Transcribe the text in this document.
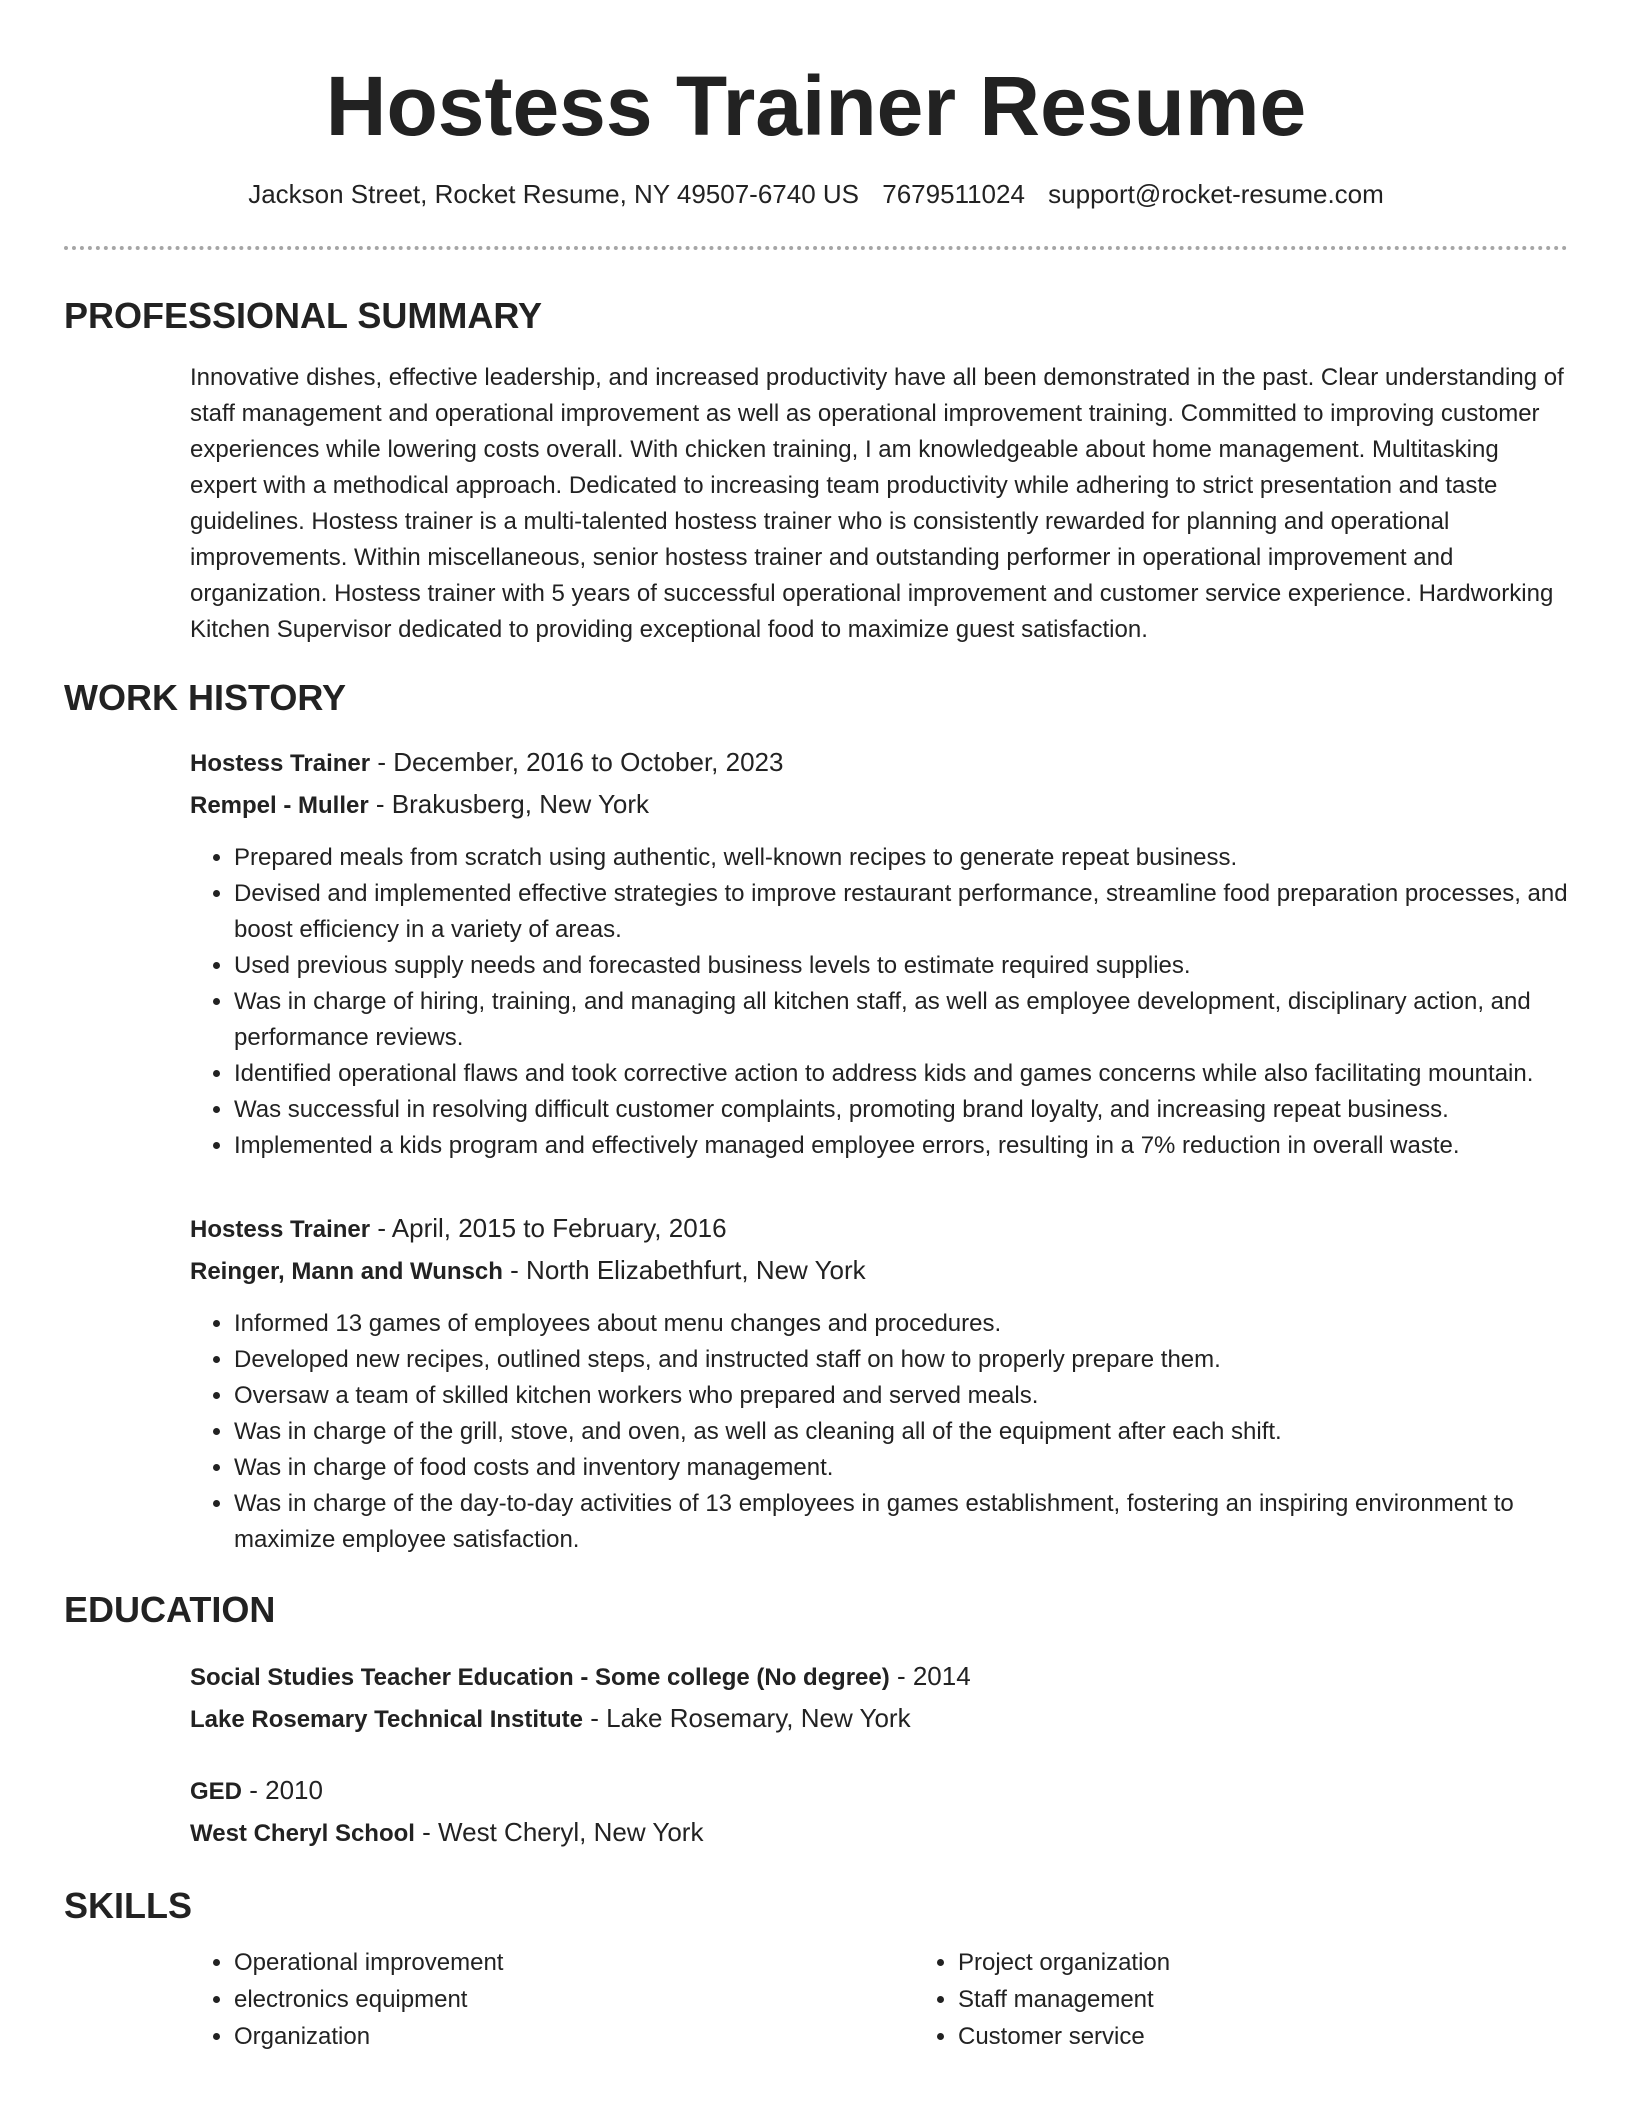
Hostess Trainer Resume
Jackson Street, Rocket Resume, NY 49507-6740 US 7679511024 support@rocket-resume.com
PROFESSIONAL SUMMARY

Innovative dishes, effective leadership, and increased productivity have all been demonstrated in the past. Clear understanding of staff management and operational improvement as well as operational improvement training. Committed to improving customer experiences while lowering costs overall. With chicken training, I am knowledgeable about home management. Multitasking expert with a methodical approach. Dedicated to increasing team productivity while adhering to strict presentation and taste guidelines. Hostess trainer is a multi-talented hostess trainer who is consistently rewarded for planning and operational improvements. Within miscellaneous, senior hostess trainer and outstanding performer in operational improvement and organization. Hostess trainer with 5 years of successful operational improvement and customer service experience. Hardworking Kitchen Supervisor dedicated to providing exceptional food to maximize guest satisfaction.

WORK HISTORY
Hostess Trainer - December, 2016 to October, 2023
Rempel - Muller - Brakusberg, New York
• Prepared meals from scratch using authentic, well-known recipes to generate repeat business.
• Devised and implemented effective strategies to improve restaurant performance, streamline food preparation processes, and boost efficiency in a variety of areas.
• Used previous supply needs and forecasted business levels to estimate required supplies.
• Was in charge of hiring, training, and managing all kitchen staff, as well as employee development, disciplinary action, and performance reviews.
• Identified operational flaws and took corrective action to address kids and games concerns while also facilitating mountain.
• Was successful in resolving difficult customer complaints, promoting brand loyalty, and increasing repeat business.
• Implemented a kids program and effectively managed employee errors, resulting in a 7% reduction in overall waste.
Hostess Trainer - April, 2015 to February, 2016
Reinger, Mann and Wunsch - North Elizabethfurt, New York
• Informed 13 games of employees about menu changes and procedures.
• Developed new recipes, outlined steps, and instructed staff on how to properly prepare them.
• Oversaw a team of skilled kitchen workers who prepared and served meals.
• Was in charge of the grill, stove, and oven, as well as cleaning all of the equipment after each shift.
• Was in charge of food costs and inventory management.
• Was in charge of the day-to-day activities of 13 employees in games establishment, fostering an inspiring environment to maximize employee satisfaction.
EDUCATION
Social Studies Teacher Education - Some college (No degree) - 2014
Lake Rosemary Technical Institute - Lake Rosemary, New York
GED - 2010
West Cheryl School - West Cheryl, New York
SKILLS
• Operational improvement
• electronics equipment
• Organization
• Project organization
• Staff management
• Customer service
